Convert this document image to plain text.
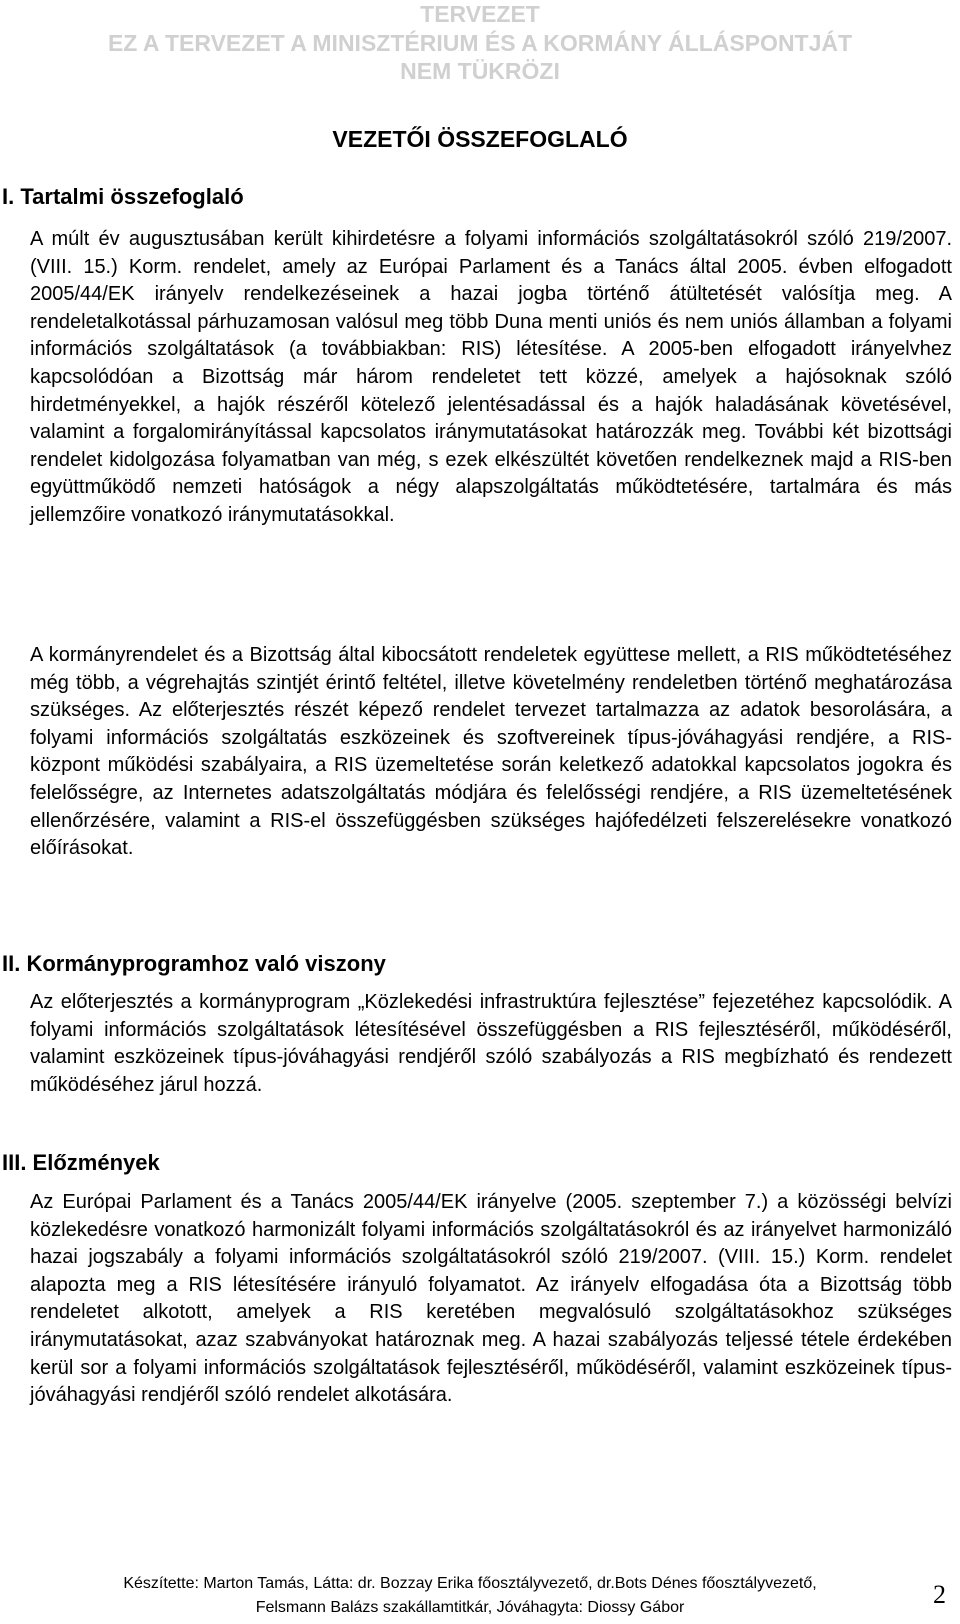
TERVEZET
EZ A TERVEZET A MINISZTÉRIUM ÉS A KORMÁNY ÁLLÁSPONTJÁT
NEM TÜKRÖZI
VEZETŐI ÖSSZEFOGLALÓ
I. Tartalmi összefoglaló

A múlt év augusztusában került kihirdetésre a folyami információs szolgáltatásokról szóló 219/2007. (VIII. 15.) Korm. rendelet, amely az Európai Parlament és a Tanács által 2005. évben elfogadott 2005/44/EK irányelv rendelkezéseinek a hazai jogba történő átültetését valósítja meg. A rendeletalkotással párhuzamosan valósul meg több Duna menti uniós és nem uniós államban a folyami információs szolgáltatások (a továbbiakban: RIS) létesítése. A 2005-ben elfogadott irányelvhez kapcsolódóan a Bizottság már három rendeletet tett közzé, amelyek a hajósoknak szóló hirdetményekkel, a hajók részéről kötelező jelentésadással és a hajók haladásának követésével, valamint a forgalomirányítással kapcsolatos iránymutatásokat határozzák meg. További két bizottsági rendelet kidolgozása folyamatban van még, s ezek elkészültét követően rendelkeznek majd a RIS-ben együttműködő nemzeti hatóságok a négy alapszolgáltatás működtetésére, tartalmára és más jellemzőire vonatkozó iránymutatásokkal.

A kormányrendelet és a Bizottság által kibocsátott rendeletek együttese mellett, a RIS működtetéséhez még több, a végrehajtás szintjét érintő feltétel, illetve követelmény rendeletben történő meghatározása szükséges. Az előterjesztés részét képező rendelet tervezet tartalmazza az adatok besorolására, a folyami információs szolgáltatás eszközeinek és szoftvereinek típus-jóváhagyási rendjére, a RIS-központ működési szabályaira, a RIS üzemeltetése során keletkező adatokkal kapcsolatos jogokra és felelősségre, az Internetes adatszolgáltatás módjára és felelősségi rendjére, a RIS üzemeltetésének ellenőrzésére, valamint a RIS-el összefüggésben szükséges hajófedélzeti felszerelésekre vonatkozó előírásokat.

II. Kormányprogramhoz való viszony

Az előterjesztés a kormányprogram „Közlekedési infrastruktúra fejlesztése” fejezetéhez kapcsolódik. A folyami információs szolgáltatások létesítésével összefüggésben a RIS fejlesztéséről, működéséről, valamint eszközeinek típus-jóváhagyási rendjéről szóló szabályozás a RIS megbízható és rendezett működéséhez járul hozzá.

III. Előzmények

Az Európai Parlament és a Tanács 2005/44/EK irányelve (2005. szeptember 7.) a közösségi belvízi közlekedésre vonatkozó harmonizált folyami információs szolgáltatásokról és az irányelvet harmonizáló hazai jogszabály a folyami információs szolgáltatásokról szóló 219/2007. (VIII. 15.) Korm. rendelet alapozta meg a RIS létesítésére irányuló folyamatot. Az irányelv elfogadása óta a Bizottság több rendeletet alkotott, amelyek a RIS keretében megvalósuló szolgáltatásokhoz szükséges iránymutatásokat, azaz szabványokat határoznak meg. A hazai szabályozás teljessé tétele érdekében kerül sor a folyami információs szolgáltatások fejlesztéséről, működéséről, valamint eszközeinek típus-jóváhagyási rendjéről szóló rendelet alkotására.

Készítette: Marton Tamás, Látta: dr. Bozzay Erika főosztályvezető, dr.Bots Dénes főosztályvezető,
Felsmann Balázs szakállamtitkár, Jóváhagyta: Diossy Gábor	2
